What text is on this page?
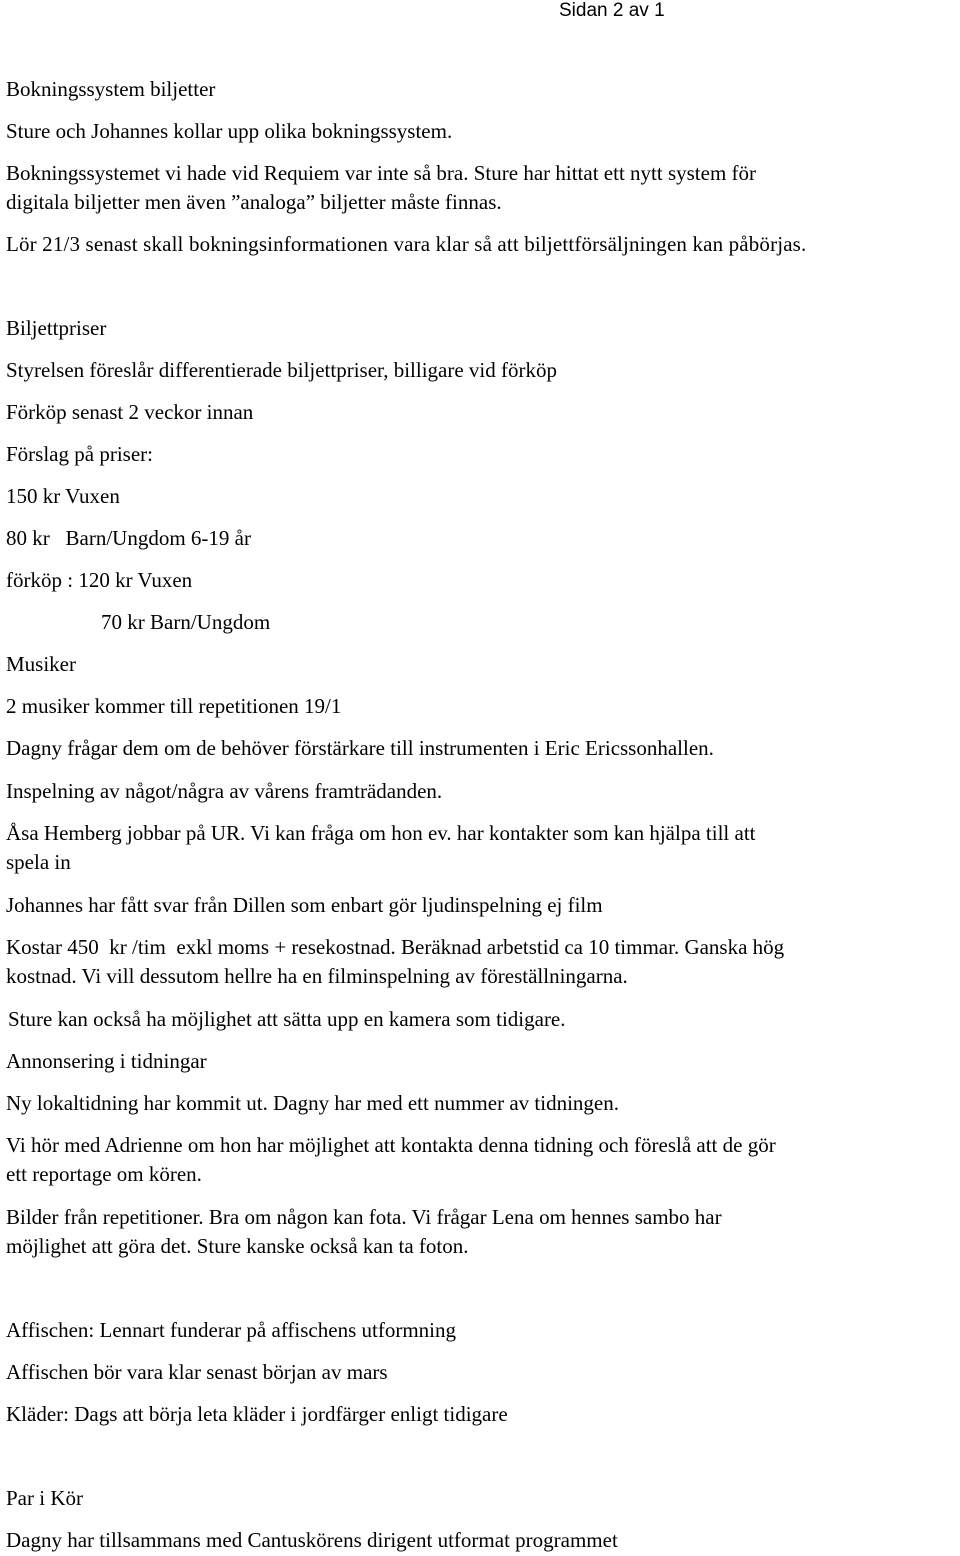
Sidan 2 av 1

Bokningssystem biljetter

Sture och Johannes kollar upp olika bokningssystem.

Bokningssystemet vi hade vid Requiem var inte så bra. Sture har hittat ett nytt system för

digitala biljetter men även ”analoga” biljetter måste finnas.

Lör 21/3 senast skall bokningsinformationen vara klar så att biljettförsäljningen kan påbörjas.

Biljettpriser

Styrelsen föreslår differentierade biljettpriser, billigare vid förköp

Förköp senast 2 veckor innan

Förslag på priser:

150 kr Vuxen

80 kr   Barn/Ungdom 6-19 år

förköp : 120 kr Vuxen

70 kr Barn/Ungdom

Musiker

2 musiker kommer till repetitionen 19/1

Dagny frågar dem om de behöver förstärkare till instrumenten i Eric Ericssonhallen.

Inspelning av något/några av vårens framträdanden.

Åsa Hemberg jobbar på UR. Vi kan fråga om hon ev. har kontakter som kan hjälpa till att

spela in

Johannes har fått svar från Dillen som enbart gör ljudinspelning ej film

Kostar 450  kr /tim  exkl moms + resekostnad. Beräknad arbetstid ca 10 timmar. Ganska hög

kostnad. Vi vill dessutom hellre ha en filminspelning av föreställningarna.

Sture kan också ha möjlighet att sätta upp en kamera som tidigare.

Annonsering i tidningar

Ny lokaltidning har kommit ut. Dagny har med ett nummer av tidningen.

Vi hör med Adrienne om hon har möjlighet att kontakta denna tidning och föreslå att de gör

ett reportage om kören.

Bilder från repetitioner. Bra om någon kan fota. Vi frågar Lena om hennes sambo har

möjlighet att göra det. Sture kanske också kan ta foton.

Affischen: Lennart funderar på affischens utformning

Affischen bör vara klar senast början av mars

Kläder: Dags att börja leta kläder i jordfärger enligt tidigare

Par i Kör

Dagny har tillsammans med Cantuskörens dirigent utformat programmet
